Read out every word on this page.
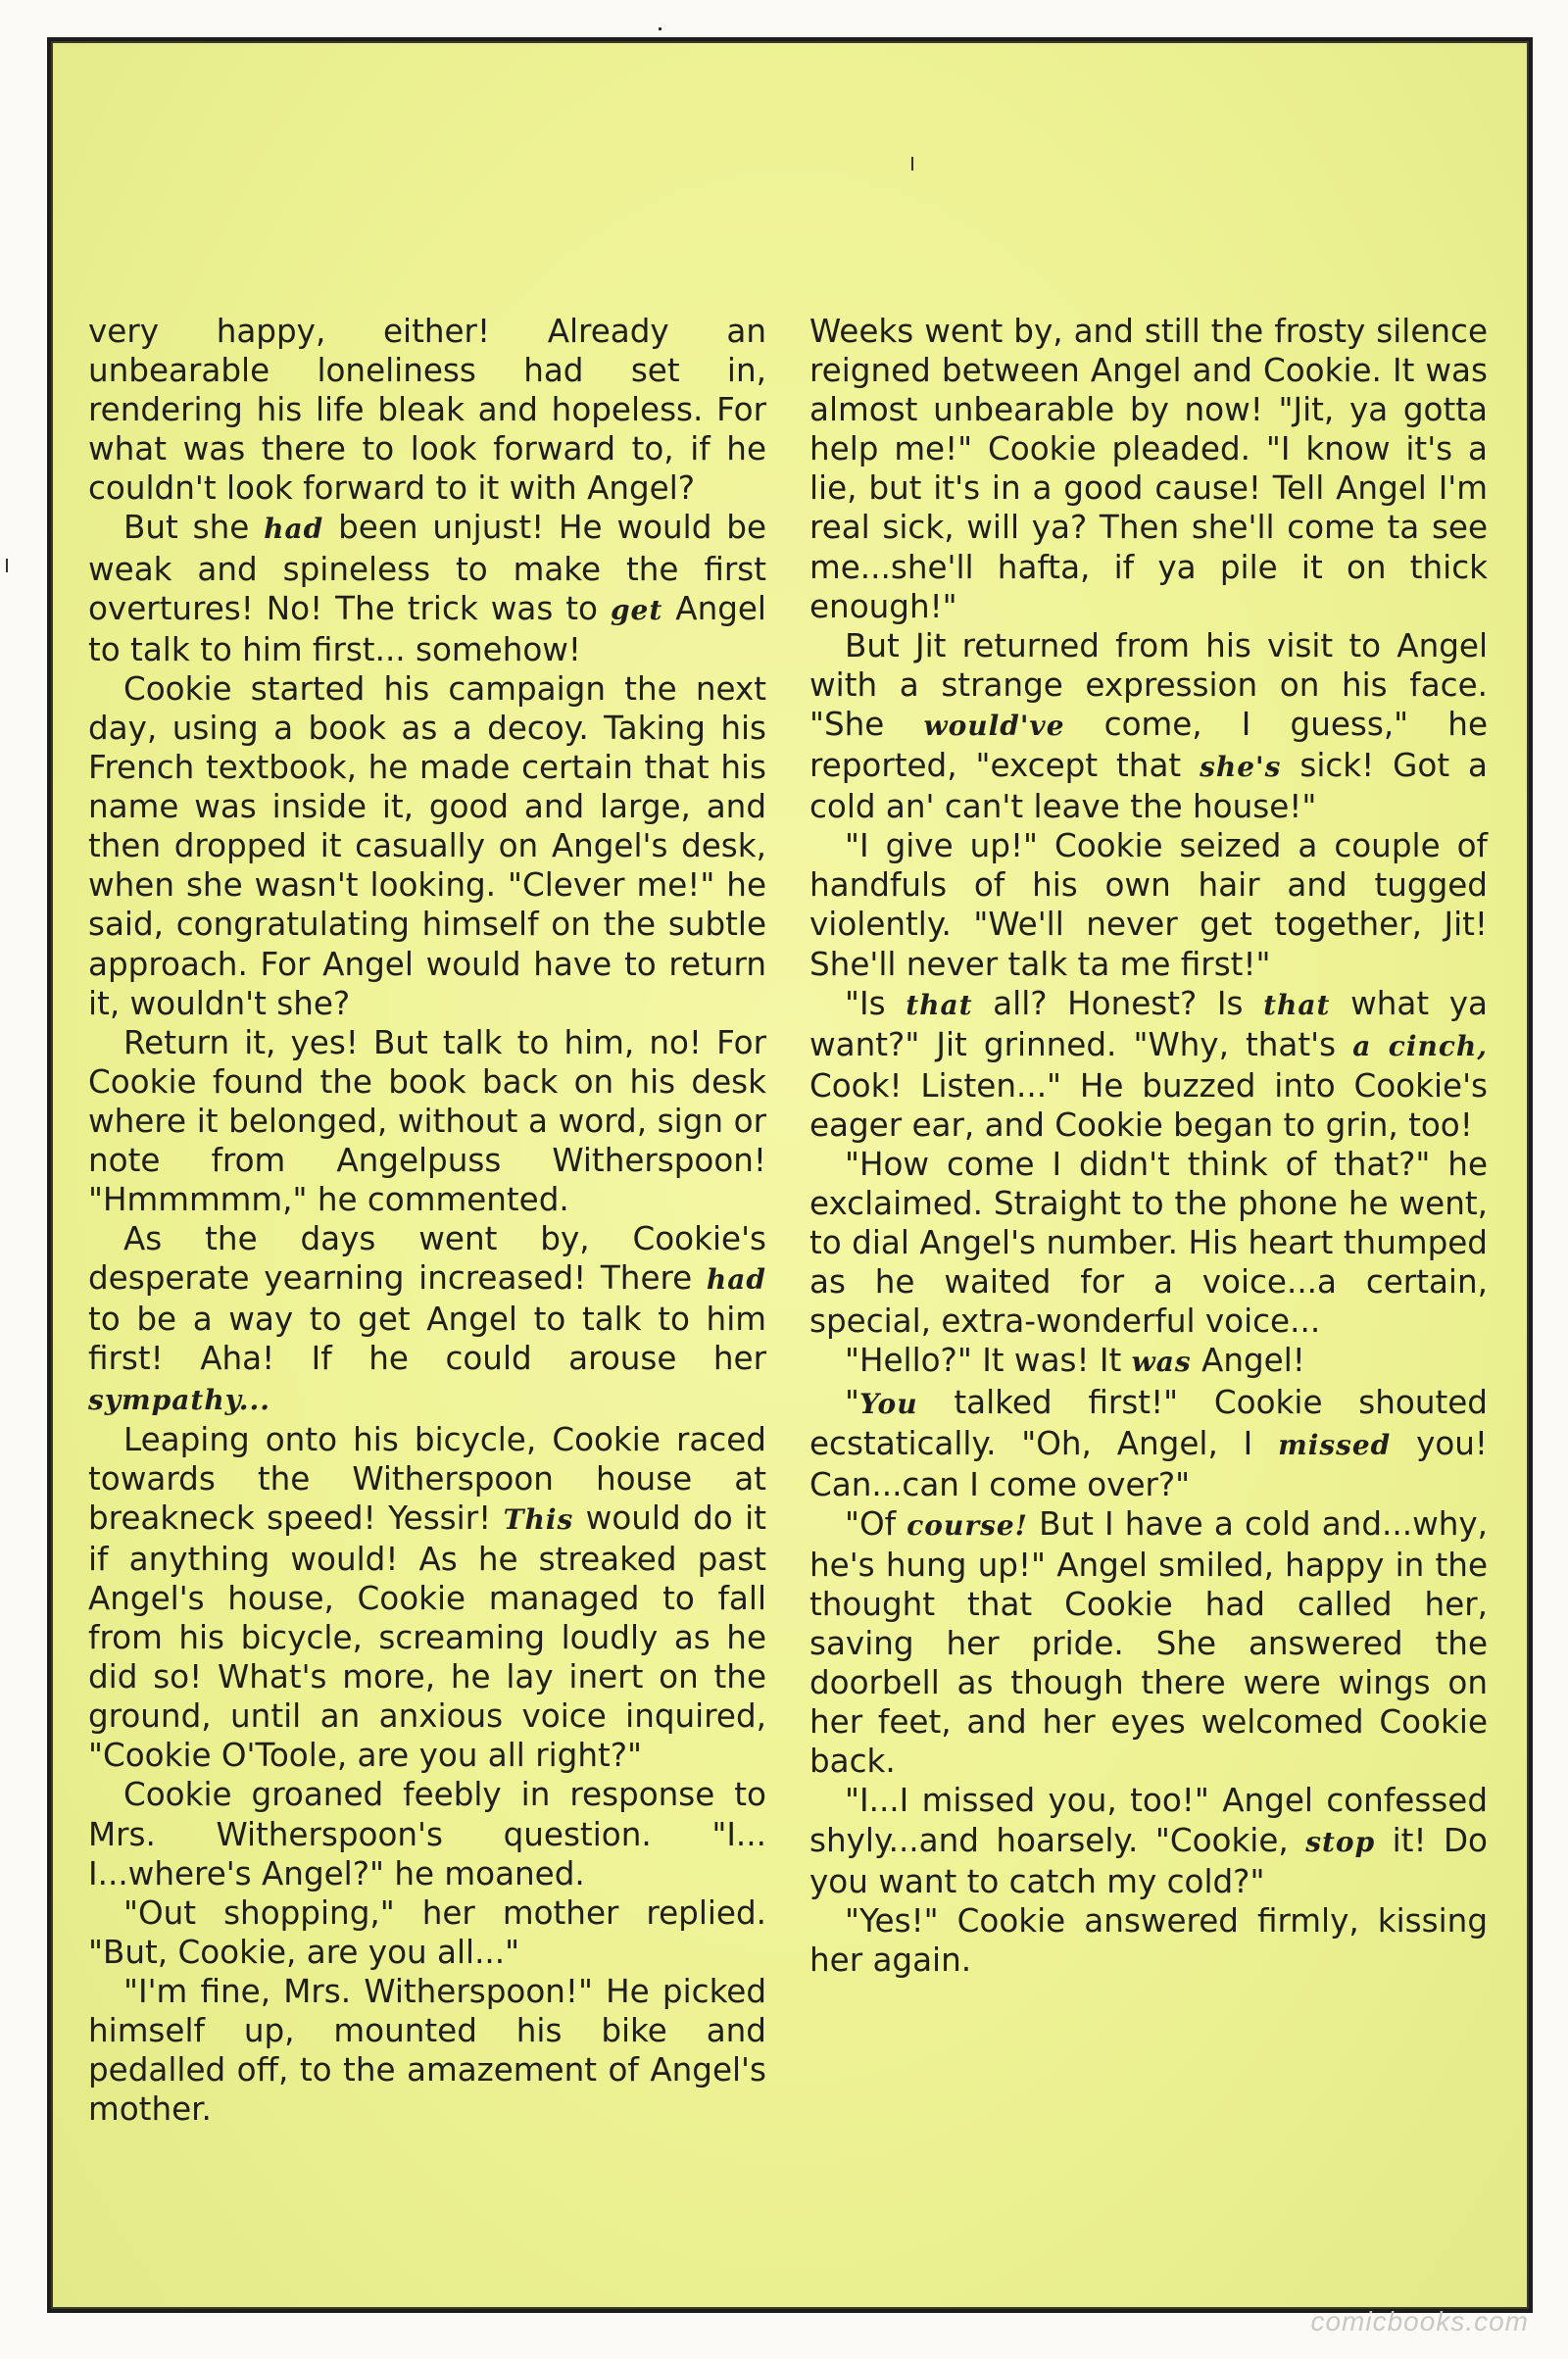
very happy, either! Already an unbearable loneliness had set in, rendering his life bleak and hopeless. For what was there to look forward to, if he couldn't look forward to it with Angel?

But she had been unjust! He would be weak and spineless to make the first overtures! No! The trick was to get Angel to talk to him first... somehow!

Cookie started his campaign the next day, using a book as a decoy. Taking his French textbook, he made certain that his name was inside it, good and large, and then dropped it casually on Angel's desk, when she wasn't looking. "Clever me!" he said, congratulating himself on the subtle approach. For Angel would have to return it, wouldn't she?

Return it, yes! But talk to him, no! For Cookie found the book back on his desk where it belonged, without a word, sign or note from Angelpuss Witherspoon! "Hmmmmm," he commented.

As the days went by, Cookie's desperate yearning increased! There had to be a way to get Angel to talk to him first! Aha! If he could arouse her sympathy...

Leaping onto his bicycle, Cookie raced towards the Witherspoon house at breakneck speed! Yessir! This would do it if anything would! As he streaked past Angel's house, Cookie managed to fall from his bicycle, screaming loudly as he did so! What's more, he lay inert on the ground, until an anxious voice inquired, "Cookie O'Toole, are you all right?"

Cookie groaned feebly in response to Mrs. Witherspoon's question. "I... I...where's Angel?" he moaned.

"Out shopping," her mother replied. "But, Cookie, are you all..."

"I'm fine, Mrs. Witherspoon!" He picked himself up, mounted his bike and pedalled off, to the amazement of Angel's mother.

Weeks went by, and still the frosty silence reigned between Angel and Cookie. It was almost unbearable by now! "Jit, ya gotta help me!" Cookie pleaded. "I know it's a lie, but it's in a good cause! Tell Angel I'm real sick, will ya? Then she'll come ta see me...she'll hafta, if ya pile it on thick enough!"

But Jit returned from his visit to Angel with a strange expression on his face. "She would've come, I guess," he reported, "except that she's sick! Got a cold an' can't leave the house!"

"I give up!" Cookie seized a couple of handfuls of his own hair and tugged violently. "We'll never get together, Jit! She'll never talk ta me first!"

"Is that all? Honest? Is that what ya want?" Jit grinned. "Why, that's a cinch, Cook! Listen..." He buzzed into Cookie's eager ear, and Cookie began to grin, too!

"How come I didn't think of that?" he exclaimed. Straight to the phone he went, to dial Angel's number. His heart thumped as he waited for a voice...a certain, special, extra-wonderful voice...

"Hello?" It was! It was Angel!

"You talked first!" Cookie shouted ecstatically. "Oh, Angel, I missed you! Can...can I come over?"

"Of course! But I have a cold and...why, he's hung up!" Angel smiled, happy in the thought that Cookie had called her, saving her pride. She answered the doorbell as though there were wings on her feet, and her eyes welcomed Cookie back.

"I...I missed you, too!" Angel confessed shyly...and hoarsely. "Cookie, stop it! Do you want to catch my cold?"

"Yes!" Cookie answered firmly, kissing her again.

comicbooks.com
